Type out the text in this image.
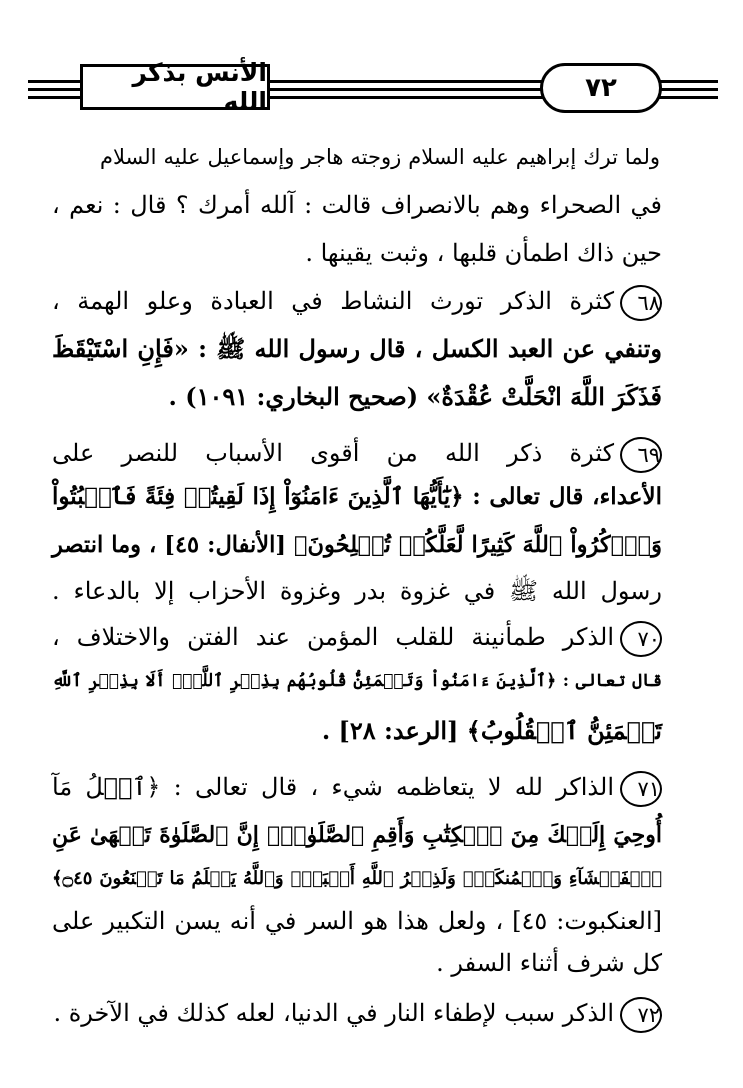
الأنس بذكر الله	٧٢
ولما ترك إبراهيم عليه السلام زوجته هاجر وإسماعيل عليه السلام
في الصحراء وهم بالانصراف قالت : آلله أمرك ؟ قال : نعم ،
حين ذاك اطمأن قلبها ، وثبت يقينها .
٦٨كثرة الذكر تورث النشاط في العبادة وعلو الهمة ،
وتنفي عن العبد الكسل ، قال رسول الله ﷺ : «فَإِنِ اسْتَيْقَظَ
فَذَكَرَ اللَّهَ انْحَلَّتْ عُقْدَةٌ» (صحيح البخاري: ١٠٩١) .
٦٩كثرة ذكر الله من أقوى الأسباب للنصر على
الأعداء، قال تعالى : ﴿يَٰٓأَيُّهَا ٱلَّذِينَ ءَامَنُوٓاْ إِذَا لَقِيتُمۡ فِئَةً فَٱثۡبُتُواْ
وَٱذۡكُرُواْ ٱللَّهَ كَثِيرًا لَّعَلَّكُمۡ تُفۡلِحُونَ﴾ [الأنفال: ٤٥] ، وما انتصر
رسول الله ﷺ في غزوة بدر وغزوة الأحزاب إلا بالدعاء .
٧٠الذكر طمأنينة للقلب المؤمن عند الفتن والاختلاف ،
قال تعالى : ﴿ٱلَّذِينَ ءَامَنُواْ وَتَطۡمَئِنُّ قُلُوبُهُم بِذِكۡرِ ٱللَّهِۗ أَلَا بِذِكۡرِ ٱللَّهِ
تَطۡمَئِنُّ ٱلۡقُلُوبُ﴾ [الرعد: ٢٨] .
٧١الذاكر لله لا يتعاظمه شيء ، قال تعالى : ﴿ٱتۡلُ مَآ
أُوحِيَ إِلَيۡكَ مِنَ ٱلۡكِتَٰبِ وَأَقِمِ ٱلصَّلَوٰةَۖ إِنَّ ٱلصَّلَوٰةَ تَنۡهَىٰ عَنِ
ٱلۡفَحۡشَآءِ وَٱلۡمُنكَرِۗ وَلَذِكۡرُ ٱللَّهِ أَكۡبَرُۗ وَٱللَّهُ يَعۡلَمُ مَا تَصۡنَعُونَ ۝٤٥﴾
[العنكبوت: ٤٥] ، ولعل هذا هو السر في أنه يسن التكبير على
كل شرف أثناء السفر .
٧٢الذكر سبب لإطفاء النار في الدنيا، لعله كذلك في الآخرة .
